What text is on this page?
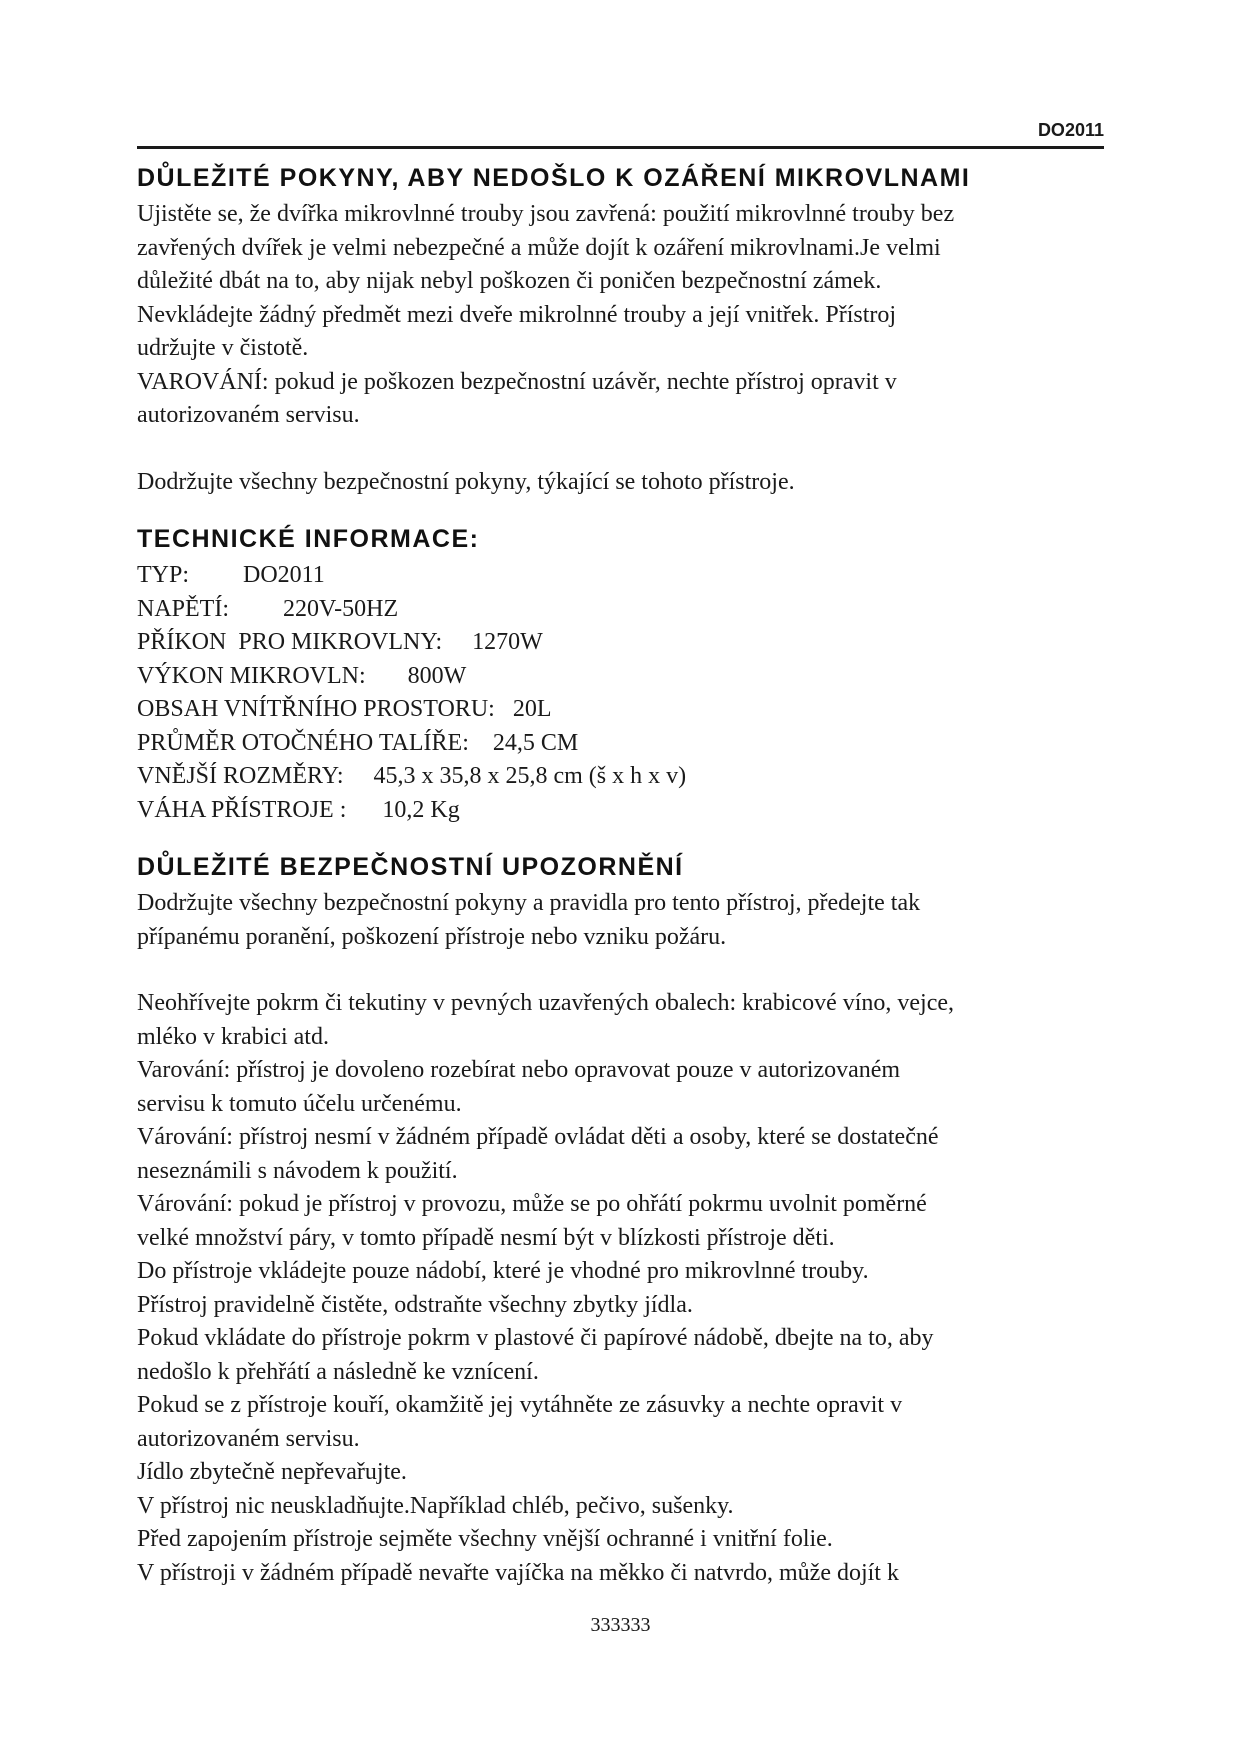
DO2011
DŮLEŽITÉ POKYNY, ABY NEDOŠLO K OZÁŘENÍ MIKROVLNAMI

Ujistěte se, že dvířka mikrovlnné trouby jsou zavřená: použití mikrovlnné trouby bez

zavřených dvířek je velmi nebezpečné a může dojít k ozáření mikrovlnami.Je velmi

důležité dbát na to, aby nijak nebyl poškozen či poničen bezpečnostní zámek.

Nevkládejte žádný předmět mezi dveře mikrolnné trouby a její vnitřek. Přístroj

udržujte v čistotě.

VAROVÁNÍ: pokud je poškozen bezpečnostní uzávěr, nechte přístroj opravit v

autorizovaném servisu.

Dodržujte všechny bezpečnostní pokyny, týkající se tohoto přístroje.

TECHNICKÉ INFORMACE:

TYP:         DO2011

NAPĚTÍ:         220V-50HZ

PŘÍKON  PRO MIKROVLNY:     1270W

VÝKON MIKROVLN:       800W

OBSAH VNÍTŘNÍHO PROSTORU:   20L

PRŮMĚR OTOČNÉHO TALÍŘE:    24,5 CM

VNĚJŠÍ ROZMĚRY:     45,3 x 35,8 x 25,8 cm (š x h x v)

VÁHA PŘÍSTROJE :      10,2 Kg

DŮLEŽITÉ BEZPEČNOSTNÍ UPOZORNĚNÍ

Dodržujte všechny bezpečnostní pokyny a pravidla pro tento přístroj, předejte tak

přípanému poranění, poškození přístroje nebo vzniku požáru.

Neohřívejte pokrm či tekutiny v pevných uzavřených obalech: krabicové víno, vejce,

mléko v krabici atd.

Varování: přístroj je dovoleno rozebírat nebo opravovat pouze v autorizovaném

servisu k tomuto účelu určenému.

Várování: přístroj nesmí v žádném případě ovládat děti a osoby, které se dostatečné

neseznámili s návodem k použití.

Várování: pokud je přístroj v provozu, může se po ohřátí pokrmu uvolnit poměrné

velké množství páry, v tomto případě nesmí být v blízkosti přístroje děti.

Do přístroje vkládejte pouze nádobí, které je vhodné pro mikrovlnné trouby.

Přístroj pravidelně čistěte, odstraňte všechny zbytky jídla.

Pokud vkládate do přístroje pokrm v plastové či papírové nádobě, dbejte na to, aby

nedošlo k přehřátí a následně ke vznícení.

Pokud se z přístroje kouří, okamžitě jej vytáhněte ze zásuvky a nechte opravit v

autorizovaném servisu.

Jídlo zbytečně nepřevařujte.

V přístroj nic neuskladňujte.Například chléb, pečivo, sušenky.

Před zapojením přístroje sejměte všechny vnější ochranné i vnitřní folie.

V přístroji v žádném případě nevařte vajíčka na měkko či natvrdo, může dojít k

333333
